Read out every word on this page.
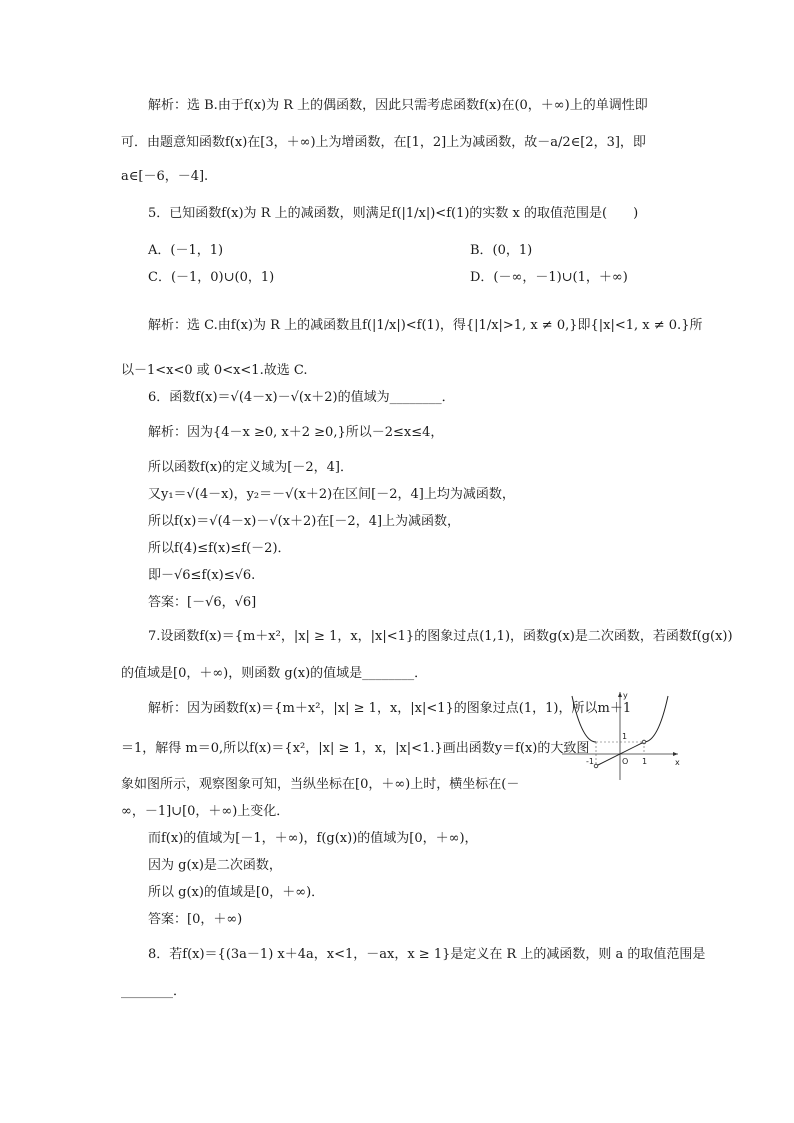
解析：选 B.由于f(x)为 R 上的偶函数，因此只需考虑函数f(x)在(0，＋∞)上的单调性即
可．由题意知函数f(x)在[3，＋∞)上为增函数，在[1，2]上为减函数，故－a/2∈[2，3]，即
a∈[－6，－4].
5．已知函数f(x)为 R 上的减函数，则满足f(|1/x|)<f(1)的实数 x 的取值范围是(　　)
A．(－1，1)	B．(0，1)
C．(－1，0)∪(0，1)	D．(－∞，－1)∪(1，＋∞)
解析：选 C.由f(x)为 R 上的减函数且f(|1/x|)<f(1)，得{|1/x|>1, x ≠ 0,}即{|x|<1, x ≠ 0.}所
以－1<x<0 或 0<x<1.故选 C.
6．函数f(x)＝√(4－x)－√(x＋2)的值域为________．
解析：因为{4－x ≥0, x＋2 ≥0,}所以－2≤x≤4，
所以函数f(x)的定义域为[－2，4]．
又y₁＝√(4－x)，y₂＝－√(x＋2)在区间[－2，4]上均为减函数，
所以f(x)＝√(4－x)－√(x＋2)在[－2，4]上为减函数，
所以f(4)≤f(x)≤f(－2)．
即－√6≤f(x)≤√6.
答案：[－√6，√6]
7.设函数f(x)＝{m＋x²，|x| ≥ 1，x，|x|<1}的图象过点(1,1)，函数g(x)是二次函数，若函数f(g(x))
的值域是[0，＋∞)，则函数 g(x)的值域是________．
解析：因为函数f(x)＝{m＋x²，|x| ≥ 1，x，|x|<1}的图象过点(1，1)，所以m＋1
＝1，解得 m＝0,所以f(x)＝{x²，|x| ≥ 1，x，|x|<1.}画出函数y＝f(x)的大致图
象如图所示，观察图象可知，当纵坐标在[0，＋∞)上时，横坐标在(－
∞，－1]∪[0，＋∞)上变化．
而f(x)的值域为[－1，＋∞)，f(g(x))的值域为[0，＋∞)，
因为 g(x)是二次函数，
所以 g(x)的值域是[0，＋∞)．
答案：[0，＋∞)
y
x
1
O 1
-1
8．若f(x)＝{(3a－1) x＋4a，x<1，－ax，x ≥ 1}是定义在 R 上的减函数，则 a 的取值范围是
________．
